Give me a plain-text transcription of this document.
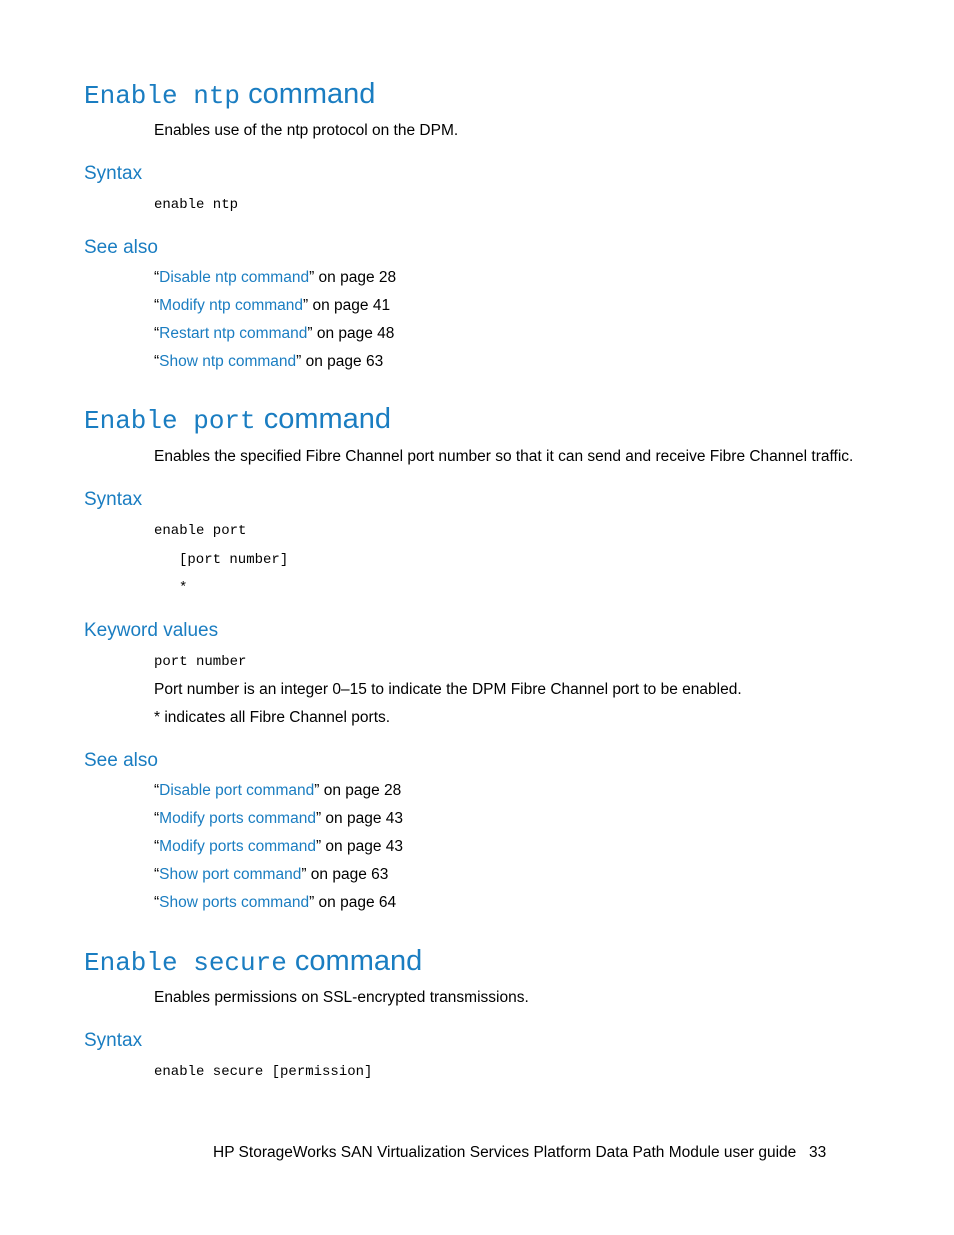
Enable ntp command
Enables use of the ntp protocol on the DPM.
Syntax
enable ntp
See also
“Disable ntp command” on page 28
“Modify ntp command” on page 41
“Restart ntp command” on page 48
“Show ntp command” on page 63
Enable port command
Enables the specified Fibre Channel port number so that it can send and receive Fibre Channel traffic.
Syntax
enable port
[port number]
*
Keyword values
port number
Port number is an integer 0–15 to indicate the DPM Fibre Channel port to be enabled.
* indicates all Fibre Channel ports.
See also
“Disable port command” on page 28
“Modify ports command” on page 43
“Modify ports command” on page 43
“Show port command” on page 63
“Show ports command” on page 64
Enable secure command
Enables permissions on SSL-encrypted transmissions.
Syntax
enable secure [permission]
HP StorageWorks SAN Virtualization Services Platform Data Path Module user guide 33
